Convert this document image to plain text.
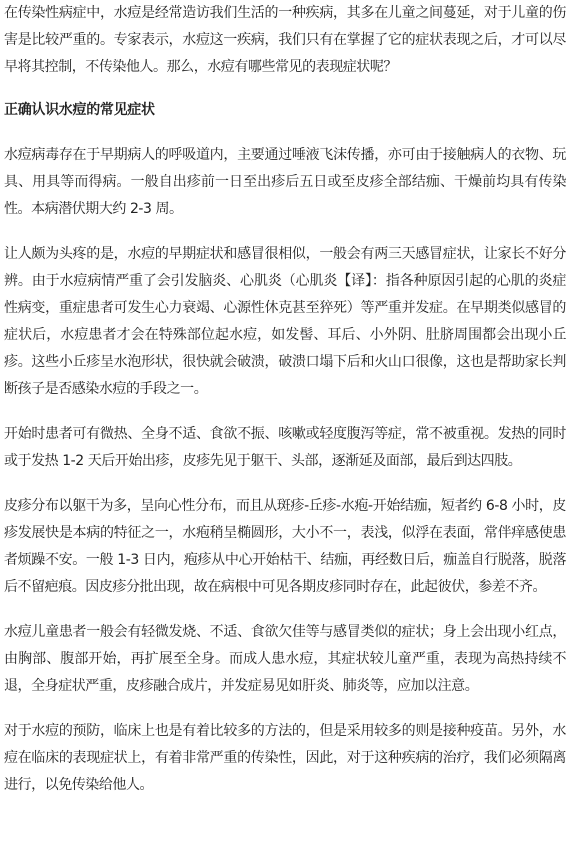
在传染性病症中，水痘是经常造访我们生活的一种疾病，其多在儿童之间蔓延，对于儿童的伤害是比较严重的。专家表示，水痘这一疾病，我们只有在掌握了它的症状表现之后，才可以尽早将其控制，不传染他人。那么，水痘有哪些常见的表现症状呢？

正确认识水痘的常见症状

水痘病毒存在于早期病人的呼吸道内，主要通过唾液飞沫传播，亦可由于接触病人的衣物、玩具、用具等而得病。一般自出疹前一日至出疹后五日或至皮疹全部结痂、干燥前均具有传染性。本病潜伏期大约 2-3 周。

让人颇为头疼的是，水痘的早期症状和感冒很相似，一般会有两三天感冒症状，让家长不好分辨。由于水痘病情严重了会引发脑炎、心肌炎（心肌炎【译】：指各种原因引起的心肌的炎症性病变，重症患者可发生心力衰竭、心源性休克甚至猝死）等严重并发症。在早期类似感冒的症状后，水痘患者才会在特殊部位起水痘，如发髻、耳后、小外阴、肚脐周围都会出现小丘疹。这些小丘疹呈水泡形状，很快就会破溃，破溃口塌下后和火山口很像，这也是帮助家长判断孩子是否感染水痘的手段之一。

开始时患者可有微热、全身不适、食欲不振、咳嗽或轻度腹泻等症，常不被重视。发热的同时或于发热 1-2 天后开始出疹，皮疹先见于躯干、头部，逐渐延及面部，最后到达四肢。

皮疹分布以躯干为多，呈向心性分布，而且从斑疹-丘疹-水疱-开始结痂，短者约 6-8 小时，皮疹发展快是本病的特征之一，水疱稍呈椭圆形，大小不一，表浅，似浮在表面，常伴痒感使患者烦躁不安。一般 1-3 日内，疱疹从中心开始枯干、结痂，再经数日后，痂盖自行脱落，脱落后不留疤痕。因皮疹分批出现，故在病根中可见各期皮疹同时存在，此起彼伏，参差不齐。

水痘儿童患者一般会有轻微发烧、不适、食欲欠佳等与感冒类似的症状；身上会出现小红点，由胸部、腹部开始，再扩展至全身。而成人患水痘，其症状较儿童严重，表现为高热持续不退，全身症状严重，皮疹融合成片，并发症易见如肝炎、肺炎等，应加以注意。

对于水痘的预防，临床上也是有着比较多的方法的，但是采用较多的则是接种疫苗。另外，水痘在临床的表现症状上，有着非常严重的传染性，因此，对于这种疾病的治疗，我们必须隔离进行，以免传染给他人。
